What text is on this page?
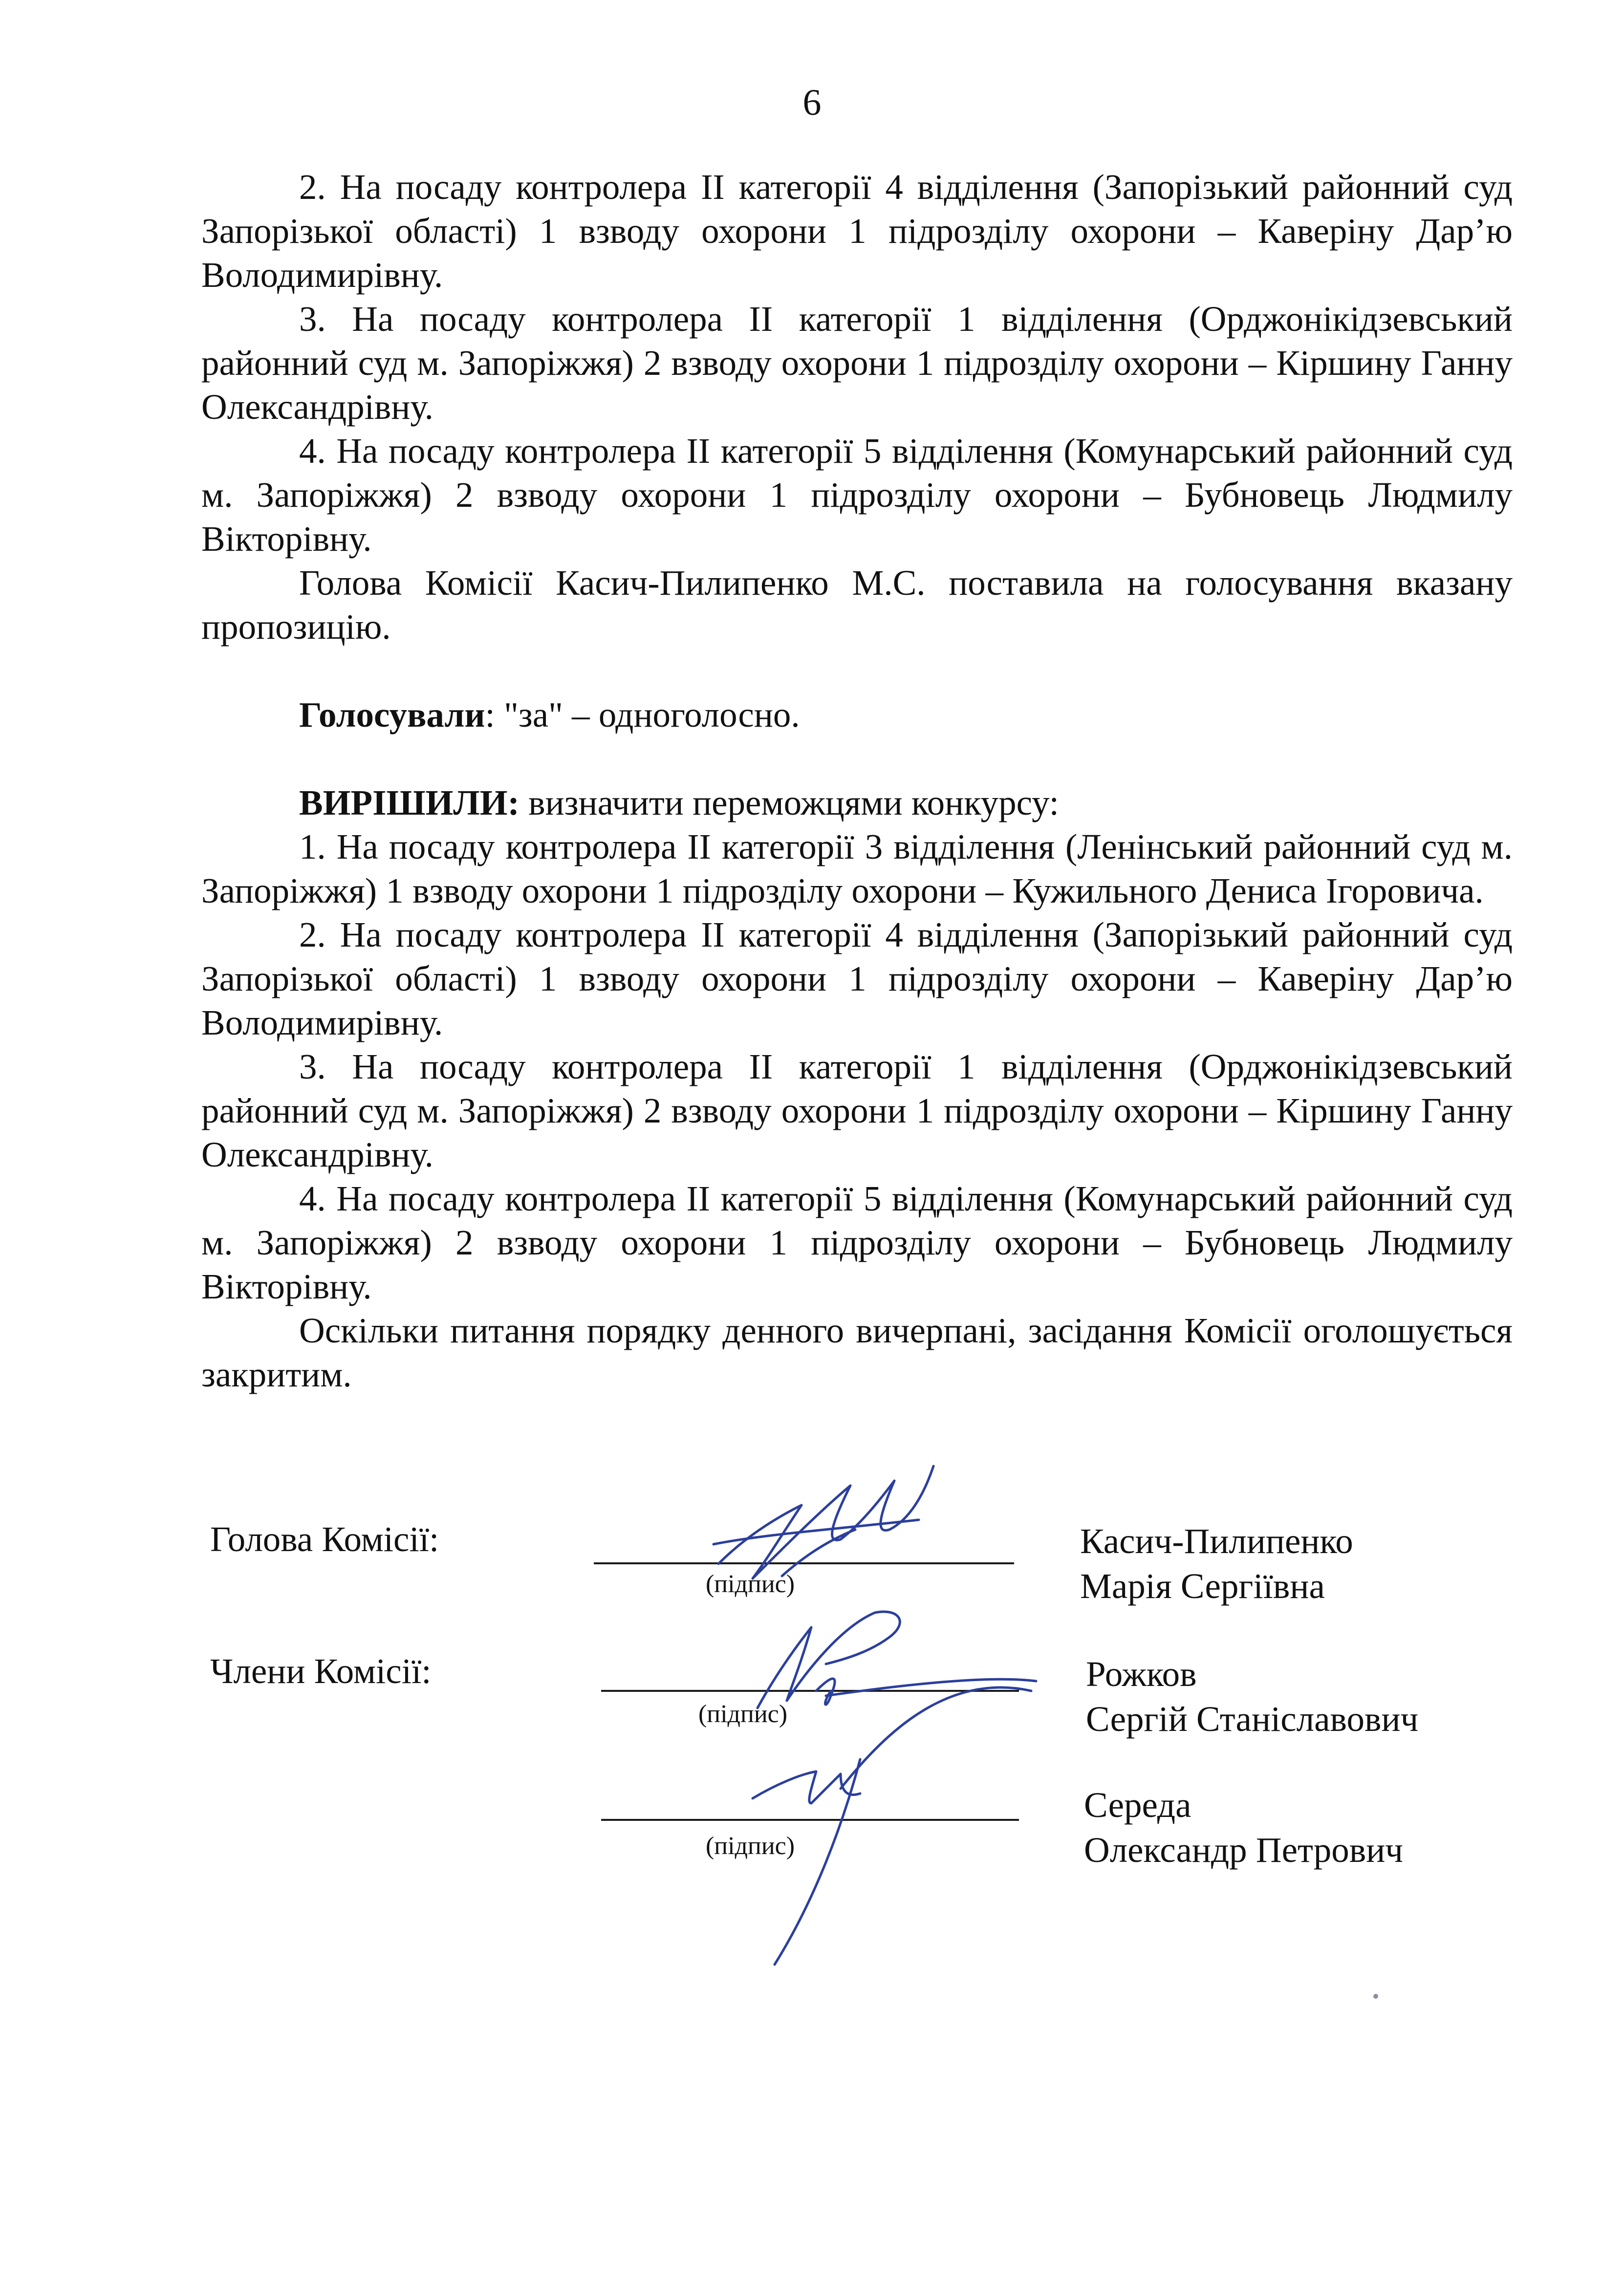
6

2. На посаду контролера ІІ категорії 4 відділення (Запорізький районний суд Запорізької області) 1 взводу охорони 1 підрозділу охорони – Каверіну Дар’ю Володимирівну.

3. На посаду контролера ІІ категорії 1 відділення (Орджонікідзевський районний суд м. Запоріжжя) 2 взводу охорони 1 підрозділу охорони – Кіршину Ганну Олександрівну.

4. На посаду контролера ІІ категорії 5 відділення (Комунарський районний суд м. Запоріжжя) 2 взводу охорони 1 підрозділу охорони – Бубновець Людмилу Вікторівну.

Голова Комісії Касич-Пилипенко М.С. поставила на голосування вказану пропозицію.

Голосували: "за" – одноголосно.

ВИРІШИЛИ: визначити переможцями конкурсу:

1. На посаду контролера ІІ категорії 3 відділення (Ленінський районний суд м. Запоріжжя) 1 взводу охорони 1 підрозділу охорони – Кужильного Дениса Ігоровича.

2. На посаду контролера ІІ категорії 4 відділення (Запорізький районний суд Запорізької області) 1 взводу охорони 1 підрозділу охорони – Каверіну Дар’ю Володимирівну.

3. На посаду контролера ІІ категорії 1 відділення (Орджонікідзевський районний суд м. Запоріжжя) 2 взводу охорони 1 підрозділу охорони – Кіршину Ганну Олександрівну.

4. На посаду контролера ІІ категорії 5 відділення (Комунарський районний суд м. Запоріжжя) 2 взводу охорони 1 підрозділу охорони – Бубновець Людмилу Вікторівну.

Оскільки питання порядку денного вичерпані, засідання Комісії оголошується закритим.

Голова Комісії:
(підпис)
Касич-Пилипенко
Марія Сергіївна
Члени Комісії:
(підпис)
Рожков
Сергій Станіславович
(підпис)
Середа
Олександр Петрович
